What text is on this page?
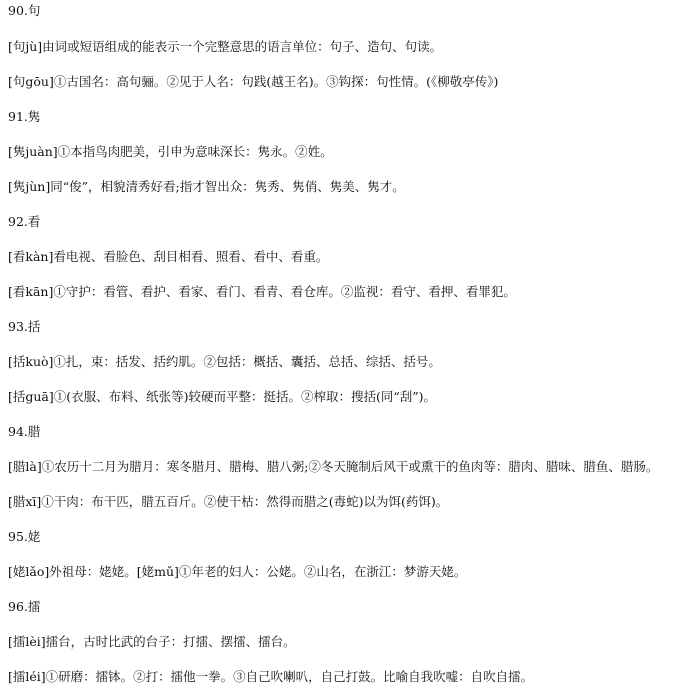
90.句
[句jù]由词或短语组成的能表示一个完整意思的语言单位：句子、造句、句读。
[句gōu]①古国名：高句骊。②见于人名：句践(越王名)。③钩探：句性情。(《柳敬亭传》)
91.隽
[隽juàn]①本指鸟肉肥美，引申为意味深长：隽永。②姓。
[隽jùn]同“俊”，相貌清秀好看;指才智出众：隽秀、隽俏、隽美、隽才。
92.看
[看kàn]看电视、看脸色、刮目相看、照看、看中、看重。
[看kān]①守护：看管、看护、看家、看门、看青、看仓库。②监视：看守、看押、看罪犯。
93.括
[括kuò]①扎，束：括发、括约肌。②包括：概括、囊括、总括、综括、括号。
[括guā]①(衣服、布料、纸张等)较硬而平整：挺括。②榨取：搜括(同“刮”)。
94.腊
[腊là]①农历十二月为腊月：寒冬腊月、腊梅、腊八粥;②冬天腌制后风干或熏干的鱼肉等：腊肉、腊味、腊鱼、腊肠。
[腊xī]①干肉：布干匹，腊五百斤。②使干枯：然得而腊之(毒蛇)以为饵(药饵)。
95.姥
[姥lǎo]外祖母：姥姥。[姥mǔ]①年老的妇人：公姥。②山名，在浙江：梦游天姥。
96.擂
[擂lèi]擂台，古时比武的台子：打擂、摆擂、擂台。
[擂léi]①研磨：擂钵。②打：擂他一拳。③自己吹喇叭，自己打鼓。比喻自我吹嘘：自吹自擂。
